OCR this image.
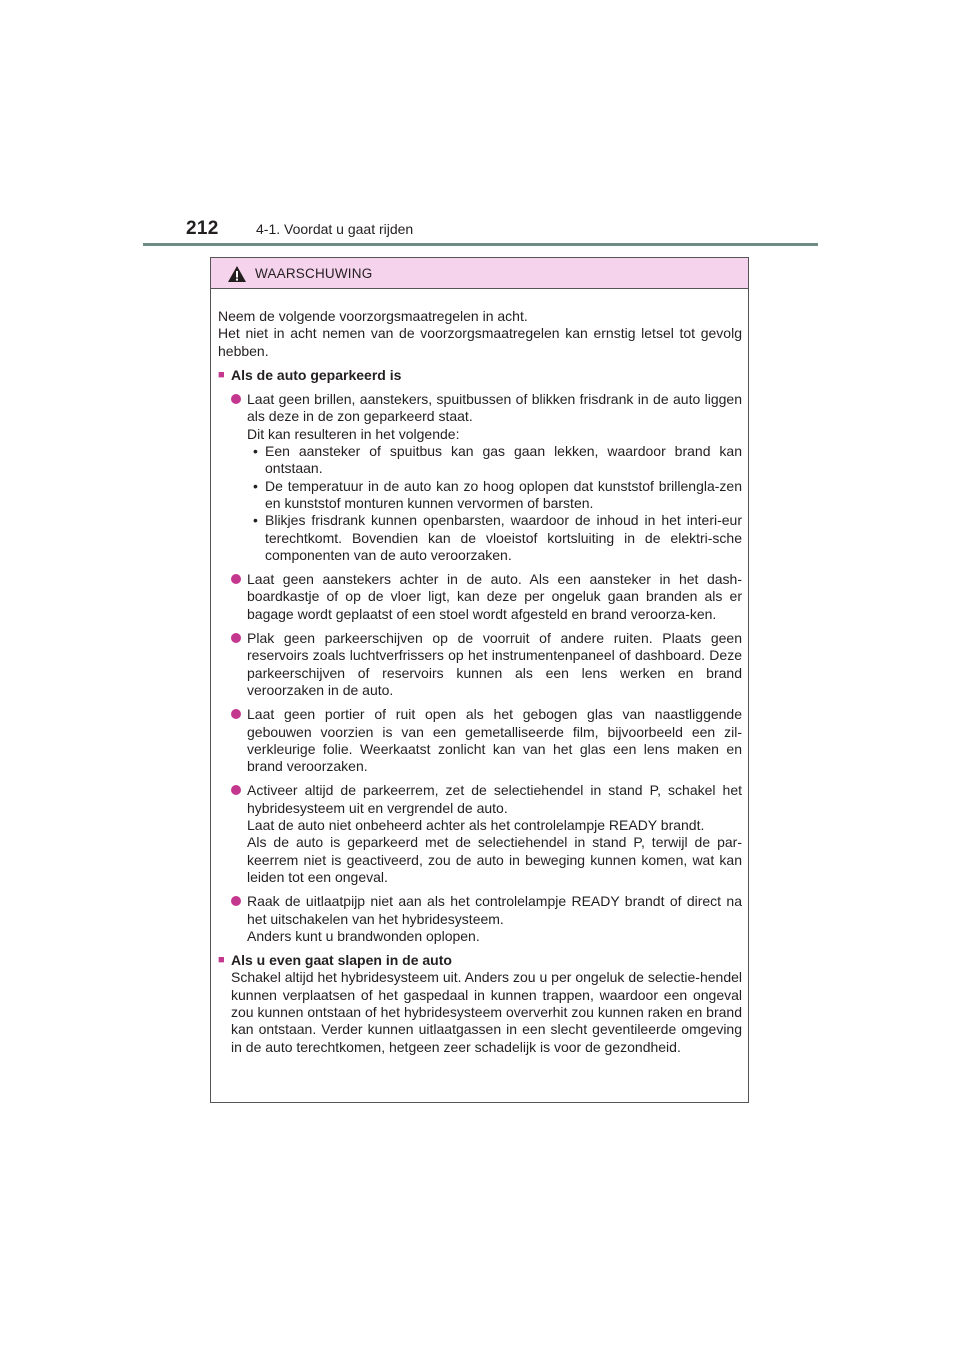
212	4-1. Voordat u gaat rijden
WAARSCHUWING
Neem de volgende voorzorgsmaatregelen in acht.
Het niet in acht nemen van de voorzorgsmaatregelen kan ernstig letsel tot gevolg hebben.
■ Als de auto geparkeerd is
Laat geen brillen, aanstekers, spuitbussen of blikken frisdrank in de auto liggen als deze in de zon geparkeerd staat.
Dit kan resulteren in het volgende:
• Een aansteker of spuitbus kan gas gaan lekken, waardoor brand kan ontstaan.
• De temperatuur in de auto kan zo hoog oplopen dat kunststof brillengla-zen en kunststof monturen kunnen vervormen of barsten.
• Blikjes frisdrank kunnen openbarsten, waardoor de inhoud in het interi-eur terechtkomt. Bovendien kan de vloeistof kortsluiting in de elektri-sche componenten van de auto veroorzaken.
Laat geen aanstekers achter in de auto. Als een aansteker in het dash-boardkastje of op de vloer ligt, kan deze per ongeluk gaan branden als er bagage wordt geplaatst of een stoel wordt afgesteld en brand veroorza-ken.
Plak geen parkeerschijven op de voorruit of andere ruiten. Plaats geen reservoirs zoals luchtverfrissers op het instrumentenpaneel of dashboard. Deze parkeerschijven of reservoirs kunnen als een lens werken en brand veroorzaken in de auto.
Laat geen portier of ruit open als het gebogen glas van naastliggende gebouwen voorzien is van een gemetalliseerde film, bijvoorbeeld een zil-verkleurige folie. Weerkaatst zonlicht kan van het glas een lens maken en brand veroorzaken.
Activeer altijd de parkeerrem, zet de selectiehendel in stand P, schakel het hybridesysteem uit en vergrendel de auto.
Laat de auto niet onbeheerd achter als het controlelampje READY brandt.
Als de auto is geparkeerd met de selectiehendel in stand P, terwijl de par-keerrem niet is geactiveerd, zou de auto in beweging kunnen komen, wat kan leiden tot een ongeval.
Raak de uitlaatpijp niet aan als het controlelampje READY brandt of direct na het uitschakelen van het hybridesysteem.
Anders kunt u brandwonden oplopen.
■ Als u even gaat slapen in de auto
Schakel altijd het hybridesysteem uit. Anders zou u per ongeluk de selectie-hendel kunnen verplaatsen of het gaspedaal in kunnen trappen, waardoor een ongeval zou kunnen ontstaan of het hybridesysteem oververhit zou kunnen raken en brand kan ontstaan. Verder kunnen uitlaatgassen in een slecht geventileerde omgeving in de auto terechtkomen, hetgeen zeer schadelijk is voor de gezondheid.
